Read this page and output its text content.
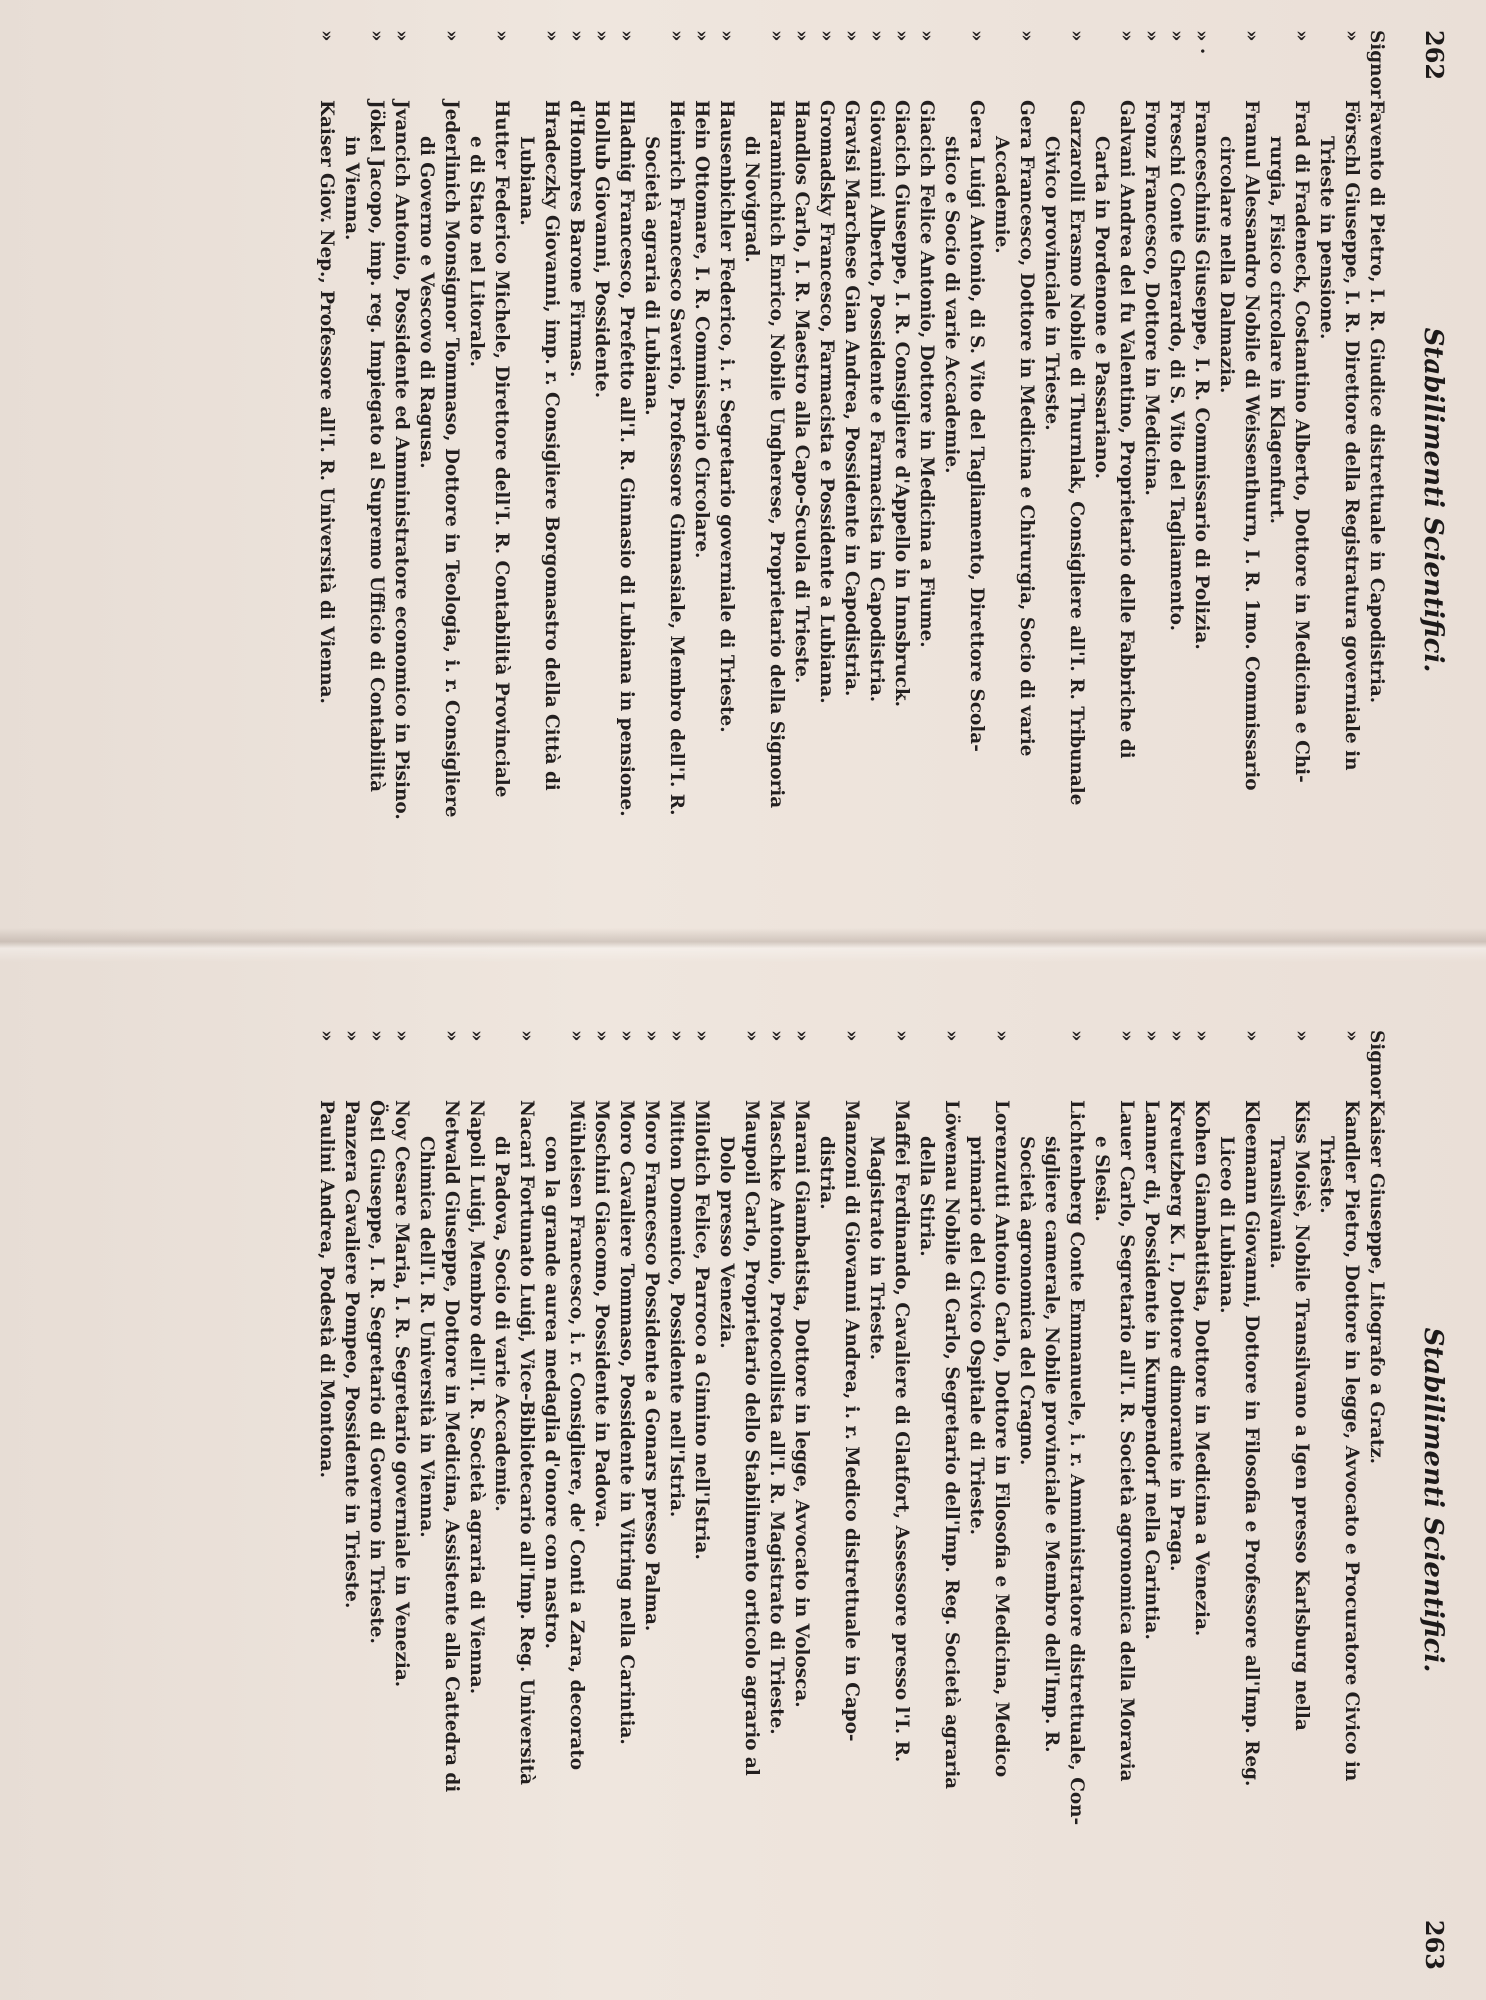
262
Stabilimenti Scientifici.
Signor
Favento di Pietro, I. R. Giudice distrettuale in Capodistria.
»
Förschl Giuseppe, I. R. Direttore della Registratura governiale in
Trieste in pensione.
»
Frad di Fradeneck, Costantino Alberto, Dottore in Medicina e Chi-
rurgia, Fisico circolare in Klagenfurt.
»
Franul Alessandro Nobile di Weissenthurn, I. R. 1mo. Commissario
circolare nella Dalmazia.
» ·
Franceschinis Giuseppe, I. R. Commissario di Polizia.
»
Freschi Conte Gherardo, di S. Vito del Tagliamento.
»
Fronz Francesco, Dottore in Medicina.
»
Galvani Andrea del fu Valentino, Proprietario delle Fabbriche di
Carta in Pordenone e Passariano.
»
Garzarolli Erasmo Nobile di Thurnlak, Consigliere all'I. R. Tribunale
Civico provinciale in Trieste.
»
Gera Francesco, Dottore in Medicina e Chirurgia, Socio di varie
Accademie.
»
Gera Luigi Antonio, di S. Vito del Tagliamento, Direttore Scola-
stico e Socio di varie Accademie.
»
Giacich Felice Antonio, Dottore in Medicina a Fiume.
»
Giacich Giuseppe, I. R. Consigliere d'Appello in Innsbruck.
»
Giovanini Alberto, Possidente e Farmacista in Capodistria.
»
Gravisi Marchese Gian Andrea, Possidente in Capodistria.
»
Gromadsky Francesco, Farmacista e Possidente a Lubiana.
»
Handlos Carlo, I. R. Maestro alla Capo-Scuola di Trieste.
»
Haraminchich Enrico, Nobile Ungherese, Proprietario della Signoria
di Novigrad.
»
Hausenbichler Federico, i. r. Segretario governiale di Trieste.
»
Hein Ottomare, I. R. Commissario Circolare.
»
Heinrich Francesco Saverio, Professore Ginnasiale, Membro dell'I. R.
Società agraria di Lubiana.
»
Hladnig Francesco, Prefetto all'I. R. Ginnasio di Lubiana in pensione.
»
Hollub Giovanni, Possidente.
»
d'Hombres Barone Firmas.
»
Hradeczky Giovanni, imp. r. Consigliere Borgomastro della Città di
Lubiana.
»
Hutter Federico Michele, Direttore dell'I. R. Contabilità Provinciale
e di Stato nel Litorale.
»
Jederlinich Monsignor Tommaso, Dottore in Teologia, i. r. Consigliere
di Governo e Vescovo di Ragusa.
»
Jvancich Antonio, Possidente ed Amministratore economico in Pisino.
»
Jökel Jacopo, imp. reg. Impiegato al Supremo Ufficio di Contabilità
in Vienna.
»
Kaiser Giov. Nep., Professore all'I. R. Università di Vienna.
Stabilimenti Scientifici.
263
Signor
Kaiser Giuseppe, Litografo a Gratz.
»
Kandler Pietro, Dottore in legge, Avvocato e Procuratore Civico in
Trieste.
»
Kiss Moisè, Nobile Transilvano a Igen presso Karlsburg nella
Transilvania.
»
Kleemann Giovanni, Dottore in Filosofia e Professore all'Imp. Reg.
Liceo di Lubiana.
»
Kohen Giambattista, Dottore in Medicina a Venezia.
»
Kreutzberg K. I., Dottore dimorante in Praga.
»
Lanner di, Possidente in Kumpendorf nella Carintia.
»
Lauer Carlo, Segretario all'I. R. Società agronomica della Moravia
e Slesia.
»
Lichtenberg Conte Emmanuele, i. r. Amministratore distrettuale, Con-
sigliere camerale, Nobile provinciale e Membro dell'Imp. R.
Società agronomica del Cragno.
»
Lorenzutti Antonio Carlo, Dottore in Filosofia e Medicina, Medico
primario del Civico Ospitale di Trieste.
»
Löwenau Nobile di Carlo, Segretario dell'Imp. Reg. Società agraria
della Stiria.
»
Maffei Ferdinando, Cavaliere di Glatfort, Assessore presso l'I. R.
Magistrato in Trieste.
»
Manzoni di Giovanni Andrea, i. r. Medico distrettuale in Capo-
distria.
»
Marani Giambatista, Dottore in legge, Avvocato in Volosca.
»
Maschke Antonio, Protocollista all'I. R. Magistrato di Trieste.
»
Maupoil Carlo, Proprietario dello Stabilimento orticolo agrario al
Dolo presso Venezia.
»
Milotich Felice, Parroco a Gimino nell'Istria.
»
Mitton Domenico, Possidente nell'Istria.
»
Moro Francesco Possidente a Gonars presso Palma.
»
Moro Cavaliere Tommaso, Possidente in Vitring nella Carintia.
»
Moschini Giacomo, Possidente in Padova.
»
Mühleisen Francesco, i. r. Consigliere, de' Conti a Zara, decorato
con la grande aurea medaglia d'onore con nastro.
»
Nacari Fortunato Luigi, Vice-Bibliotecario all'Imp. Reg. Università
di Padova, Socio di varie Accademie.
»
Napoli Luigi, Membro dell'I. R. Società agraria di Vienna.
»
Netwald Giuseppe, Dottore in Medicina, Assistente alla Cattedra di
Chimica dell'I. R. Università in Vienna.
»
Noy Cesare Maria, I. R. Segretario governiale in Venezia.
»
Östl Giuseppe, I. R. Segretario di Governo in Trieste.
»
Panzera Cavaliere Pompeo, Possidente in Trieste.
»
Paulini Andrea, Podestà di Montona.
